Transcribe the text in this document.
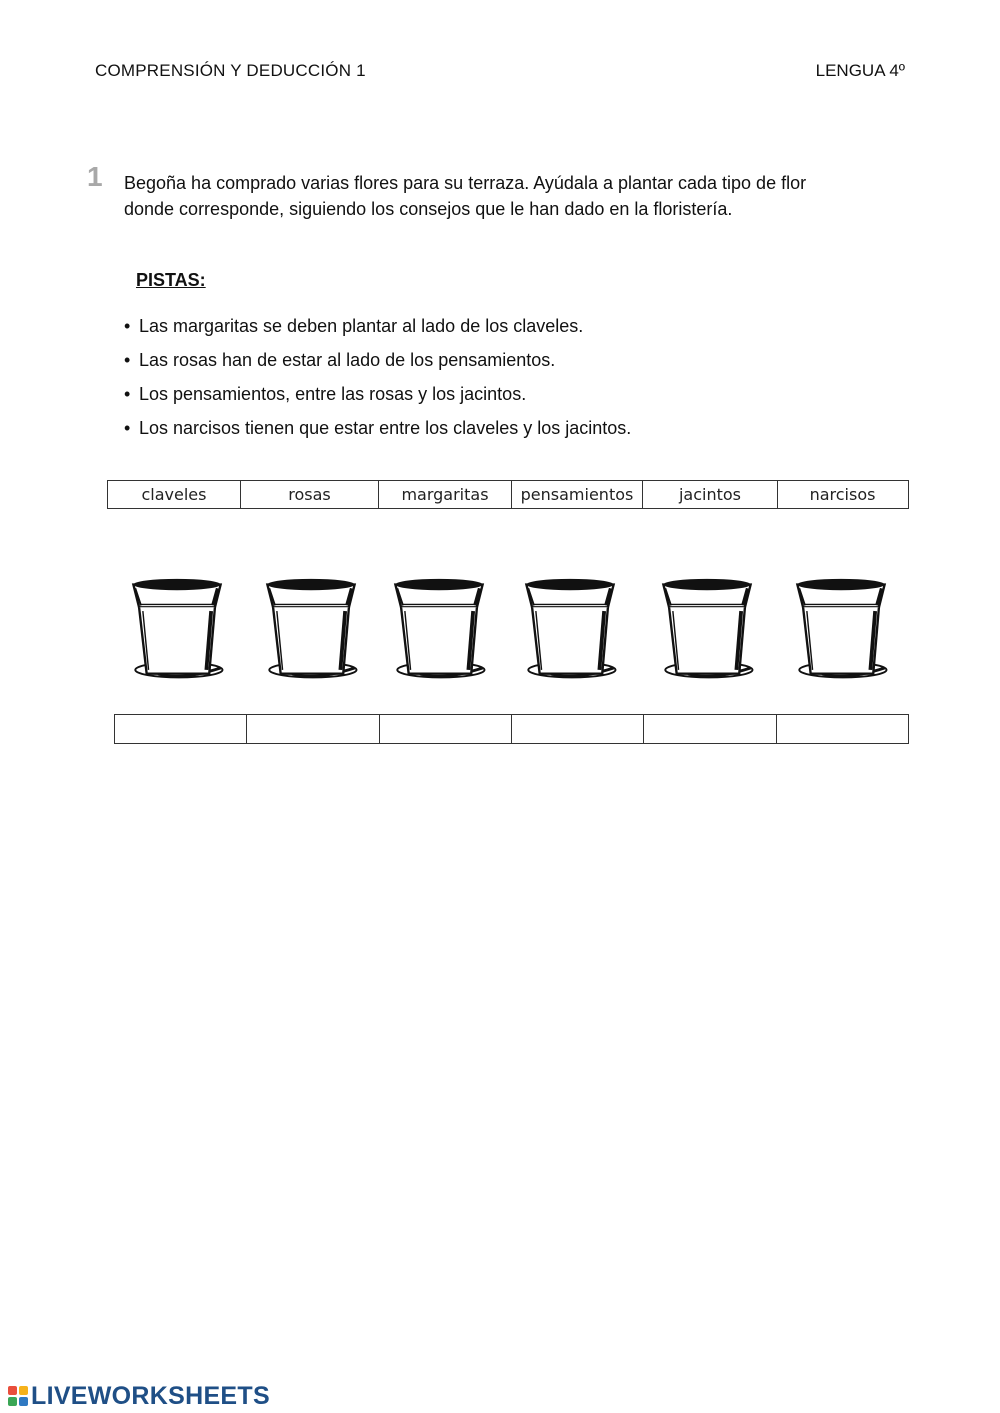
COMPRENSIÓN Y DEDUCCIÓN 1	LENGUA 4º
1 Begoña ha comprado varias flores para su terraza. Ayúdala a plantar cada tipo de flor

donde corresponde, siguiendo los consejos que le han dado en la floristería.

PISTAS:
• Las margaritas se deben plantar al lado de los claveles.
• Las rosas han de estar al lado de los pensamientos.
• Los pensamientos, entre las rosas y los jacintos.
• Los narcisos tienen que estar entre los claveles y los jacintos.
claveles	rosas	margaritas	pensamientos	jacintos	narcisos
LIVEWORKSHEETS
